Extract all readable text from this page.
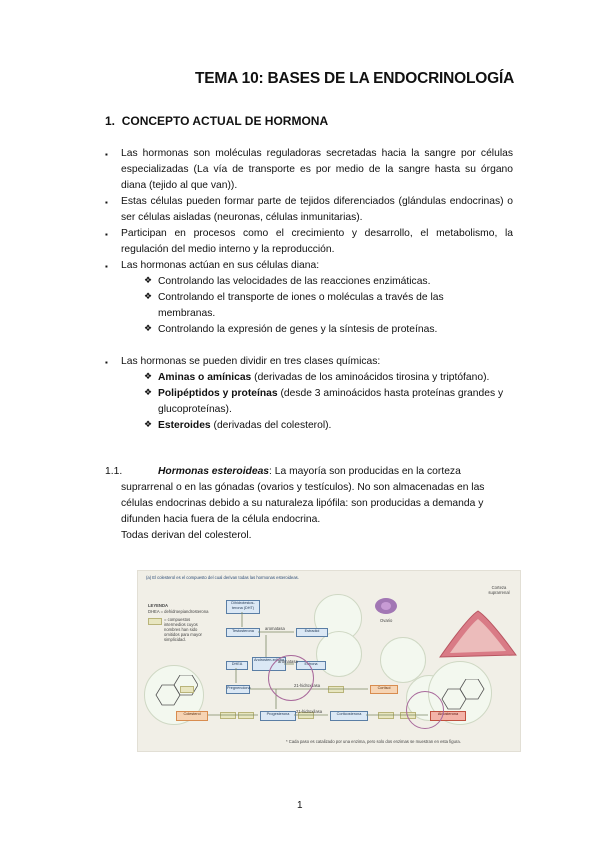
TEMA 10: BASES DE LA ENDOCRINOLOGÍA
1. CONCEPTO ACTUAL DE HORMONA
▪ Las hormonas son moléculas reguladoras secretadas hacia la sangre por células especializadas (La vía de transporte es por medio de la sangre hasta su órgano diana (tejido al que van)).
▪ Estas células pueden formar parte de tejidos diferenciados (glándulas endocrinas) o ser células aisladas (neuronas, células inmunitarias).
▪ Participan en procesos como el crecimiento y desarrollo, el metabolismo, la regulación del medio interno y la reproducción.
▪ Las hormonas actúan en sus células diana:
❖ Controlando las velocidades de las reacciones enzimáticas.
❖ Controlando el transporte de iones o moléculas a través de las membranas.
❖ Controlando la expresión de genes y la síntesis de proteínas.
▪ Las hormonas se pueden dividir en tres clases químicas:
❖ Aminas o amínicas (derivadas de los aminoácidos tirosina y triptófano).
❖ Polipéptidos y proteínas (desde 3 aminoácidos hasta proteínas grandes y glucoproteínas).
❖ Esteroides (derivadas del colesterol).
1.1.	Hormonas esteroideas: La mayoría son producidas en la corteza suprarrenal o en las gónadas (ovarios y testículos). No son almacenadas en las células endocrinas debido a su naturaleza lipófila: son producidas a demanda y difunden hacia fuera de la célula endocrina.
Todas derivan del colesterol.
(a) El colesterol es el compuesto del cual derivan todas las hormonas esteroideas.
LEYENDA
DHEA = dehidroepiandrosterona
= compuestos intermedios cuyos nombres han sido omitidos para mayor simplicidad.
Dihidrotestos-terona (DHT)
Testosterona	Estradiol
DHEA
Androsten-ediona
Estrona
Cortisol
Colesterol
Pregnenolona
Progesterona	Corticosterona	Aldosterona
aromatasa
aromatasa
21-hidroxilasa
21-hidroxilasa
Ovario
Corteza suprarrenal
* Cada paso es catalizado por una enzima, pero solo dos enzimas se muestran en esta figura.
1
